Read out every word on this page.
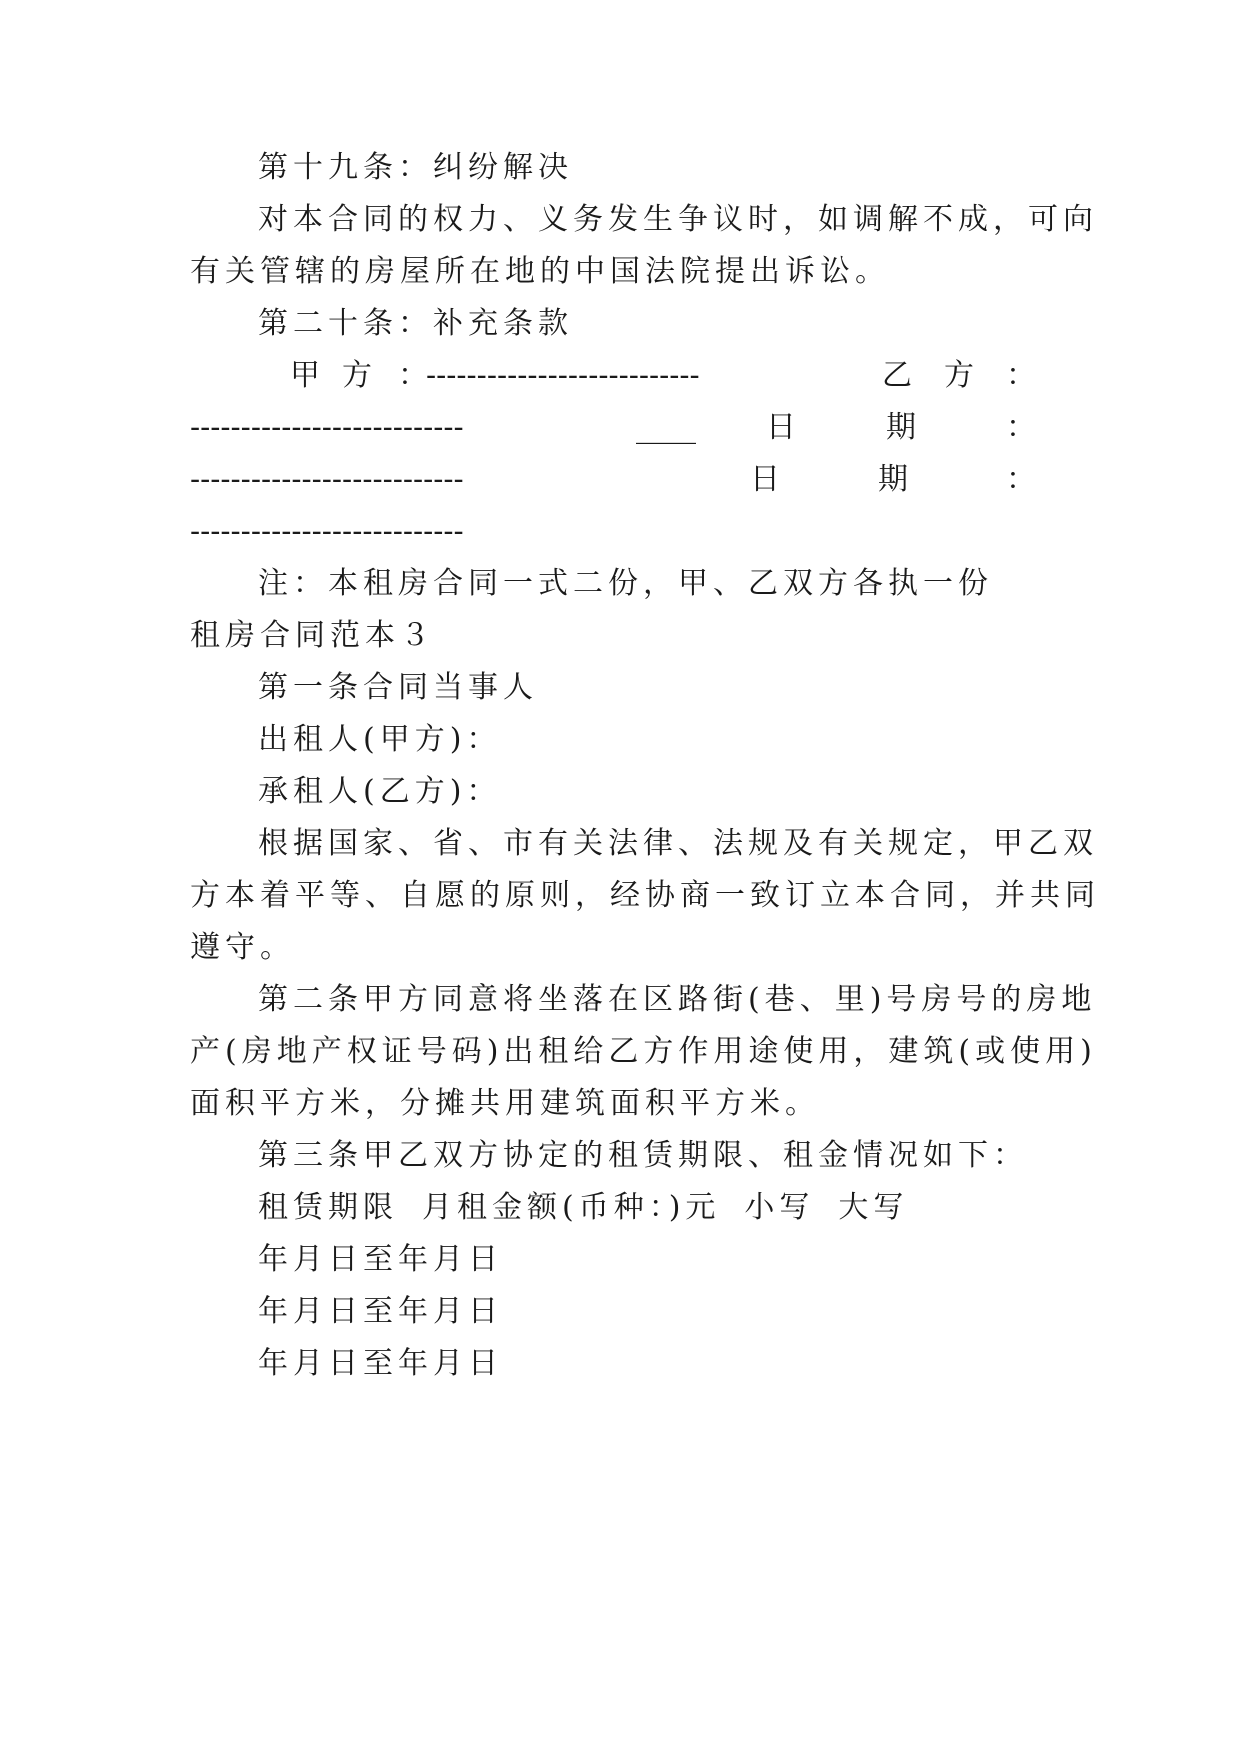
第十九条：纠纷解决
对本合同的权力、义务发生争议时，如调解不成，可向
有关管辖的房屋所在地的中国法院提出诉讼。
第二十条：补充条款
甲 方 ：
---------------------------	乙 方 ：
---------------------------	____ 日	期	：
---------------------------	日	期	：
---------------------------
注：本租房合同一式二份，甲、乙双方各执一份
租房合同范本３
第一条合同当事人
出租人(甲方)：
承租人(乙方)：
根据国家、省、市有关法律、法规及有关规定，甲乙双
方本着平等、自愿的原则，经协商一致订立本合同，并共同
遵守。
第二条甲方同意将坐落在区路街(巷、里)号房号的房地
产(房地产权证号码)出租给乙方作用途使用，建筑(或使用)
面积平方米，分摊共用建筑面积平方米。
第三条甲乙双方协定的租赁期限、租金情况如下：
租赁期限 月租金额(币种：)元 小写 大写
年月日至年月日
年月日至年月日
年月日至年月日
